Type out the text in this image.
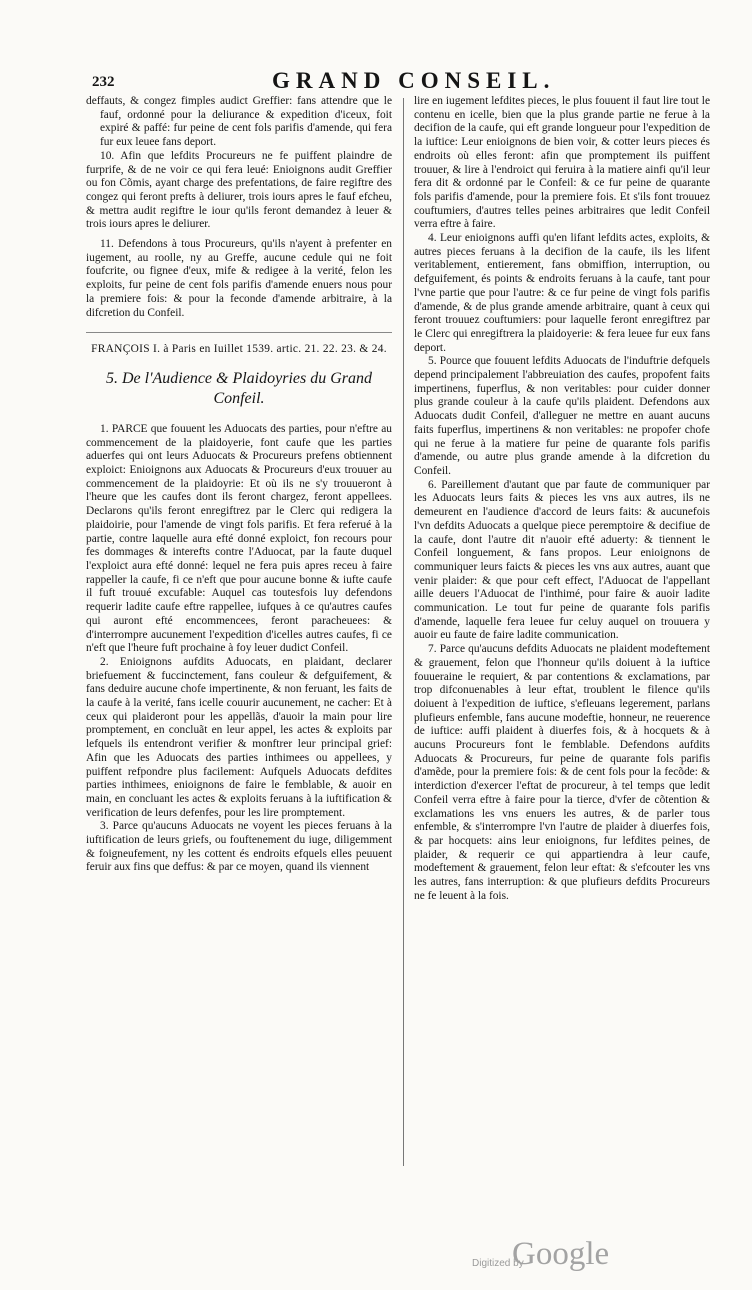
232	GRAND CONSEIL.

deffauts, & congez fimples audict Greffier: fans attendre que le fauf, ordonné pour la deliurance & expedition d'iceux, foit expiré & paffé: fur peine de cent fols parifis d'amende, qui fera fur eux leuee fans deport.

10. Afin que lefdits Procureurs ne fe puiffent plaindre de furprife, & de ne voir ce qui fera leué: Enioignons audit Greffier ou fon Cõmis, ayant charge des prefentations, de faire regiftre des congez qui feront prefts à deliurer, trois iours apres le fauf efcheu, & mettra audit regiftre le iour qu'ils feront demandez à leuer & trois iours apres le deliurer.

11. Defendons à tous Procureurs, qu'ils n'ayent à prefenter en iugement, au roolle, ny au Greffe, aucune cedule qui ne foit foufcrite, ou fignee d'eux, mife & redigee à la verité, felon les exploits, fur peine de cent fols parifis d'amende enuers nous pour la premiere fois: & pour la feconde d'amende arbitraire, à la difcretion du Confeil.

FRANÇOIS I. à Paris en Iuillet 1539. artic. 21. 22. 23. & 24.
5. De l'Audience & Plaidoyries du Grand Confeil.

1. PARCE que fouuent les Aduocats des parties, pour n'eftre au commencement de la plaidoyerie, font caufe que les parties aduerfes qui ont leurs Aduocats & Procureurs prefens obtiennent exploict: Enioignons aux Aduocats & Procureurs d'eux trouuer au commencement de la plaidoyrie: Et où ils ne s'y trouueront à l'heure que les caufes dont ils feront chargez, feront appellees. Declarons qu'ils feront enregiftrez par le Clerc qui redigera la plaidoirie, pour l'amende de vingt fols parifis. Et fera referué à la partie, contre laquelle aura efté donné exploict, fon recours pour fes dommages & interefts contre l'Aduocat, par la faute duquel l'exploict aura efté donné: lequel ne fera puis apres receu à faire rappeller la caufe, fi ce n'eft que pour aucune bonne & iufte caufe il fuft trouué excufable: Auquel cas toutesfois luy defendons requerir ladite caufe eftre rappellee, iufques à ce qu'autres caufes qui auront efté encommencees, feront paracheuees: & d'interrompre aucunement l'expedition d'icelles autres caufes, fi ce n'eft que l'heure fuft prochaine à foy leuer dudict Confeil.

2. Enioignons aufdits Aduocats, en plaidant, declarer briefuement & fuccinctement, fans couleur & defguifement, & fans deduire aucune chofe impertinente, & non feruant, les faits de la caufe à la verité, fans icelle couurir aucunement, ne cacher: Et à ceux qui plaideront pour les appellãs, d'auoir la main pour lire promptement, en concluãt en leur appel, les actes & exploits par lefquels ils entendront verifier & monftrer leur principal grief: Afin que les Aduocats des parties inthimees ou appellees, y puiffent refpondre plus facilement: Aufquels Aduocats defdites parties inthimees, enioignons de faire le femblable, & auoir en main, en concluant les actes & exploits feruans à la iuftification & verification de leurs defenfes, pour les lire promptement.

3. Parce qu'aucuns Aduocats ne voyent les pieces feruans à la iuftification de leurs griefs, ou fouftenement du iuge, diligemment & foigneufement, ny les cottent és endroits efquels elles peuuent feruir aux fins que deffus: & par ce moyen, quand ils viennent

lire en iugement lefdites pieces, le plus fouuent il faut lire tout le contenu en icelle, bien que la plus grande partie ne ferue à la decifion de la caufe, qui eft grande longueur pour l'expedition de la iuftice: Leur enioignons de bien voir, & cotter leurs pieces és endroits où elles feront: afin que promptement ils puiffent trouuer, & lire à l'endroict qui feruira à la matiere ainfi qu'il leur fera dit & ordonné par le Confeil: & ce fur peine de quarante fols parifis d'amende, pour la premiere fois. Et s'ils font trouuez couftumiers, d'autres telles peines arbitraires que ledit Confeil verra eftre à faire.

4. Leur enioignons auffi qu'en lifant lefdits actes, exploits, & autres pieces feruans à la decifion de la caufe, ils les lifent veritablement, entierement, fans obmiffion, interruption, ou defguifement, és points & endroits feruans à la caufe, tant pour l'vne partie que pour l'autre: & ce fur peine de vingt fols parifis d'amende, & de plus grande amende arbitraire, quant à ceux qui feront trouuez couftumiers: pour laquelle feront enregiftrez par le Clerc qui enregiftrera la plaidoyerie: & fera leuee fur eux fans deport.

5. Pource que fouuent lefdits Aduocats de l'induftrie defquels depend principalement l'abbreuiation des caufes, propofent faits impertinens, fuperflus, & non veritables: pour cuider donner plus grande couleur à la caufe qu'ils plaident. Defendons aux Aduocats dudit Confeil, d'alleguer ne mettre en auant aucuns faits fuperflus, impertinens & non veritables: ne propofer chofe qui ne ferue à la matiere fur peine de quarante fols parifis d'amende, ou autre plus grande amende à la difcretion du Confeil.

6. Pareillement d'autant que par faute de communiquer par les Aduocats leurs faits & pieces les vns aux autres, ils ne demeurent en l'audience d'accord de leurs faits: & aucunefois l'vn defdits Aduocats a quelque piece peremptoire & decifiue de la caufe, dont l'autre dit n'auoir efté aduerty: & tiennent le Confeil longuement, & fans propos. Leur enioignons de communiquer leurs faicts & pieces les vns aux autres, auant que venir plaider: & que pour ceft effect, l'Aduocat de l'appellant aille deuers l'Aduocat de l'inthimé, pour faire & auoir ladite communication. Le tout fur peine de quarante fols parifis d'amende, laquelle fera leuee fur celuy auquel on trouuera y auoir eu faute de faire ladite communication.

7. Parce qu'aucuns defdits Aduocats ne plaident modeftement & grauement, felon que l'honneur qu'ils doiuent à la iuftice fouueraine le requiert, & par contentions & exclamations, par trop difconuenables à leur eftat, troublent le filence qu'ils doiuent à l'expedition de iuftice, s'efleuans legerement, parlans plufieurs enfemble, fans aucune modeftie, honneur, ne reuerence de iuftice: auffi plaident à diuerfes fois, & à hocquets & à aucuns Procureurs font le femblable. Defendons aufdits Aduocats & Procureurs, fur peine de quarante fols parifis d'amẽde, pour la premiere fois: & de cent fols pour la fecõde: & interdiction d'exercer l'eftat de procureur, à tel temps que ledit Confeil verra eftre à faire pour la tierce, d'vfer de cõtention & exclamations les vns enuers les autres, & de parler tous enfemble, & s'interrompre l'vn l'autre de plaider à diuerfes fois, & par hocquets: ains leur enioignons, fur lefdites peines, de plaider, & requerir ce qui appartiendra à leur caufe, modeftement & grauement, felon leur eftat: & s'efcouter les vns les autres, fans interruption: & que plufieurs defdits Procureurs ne fe leuent à la fois.

Digitized by
Google
